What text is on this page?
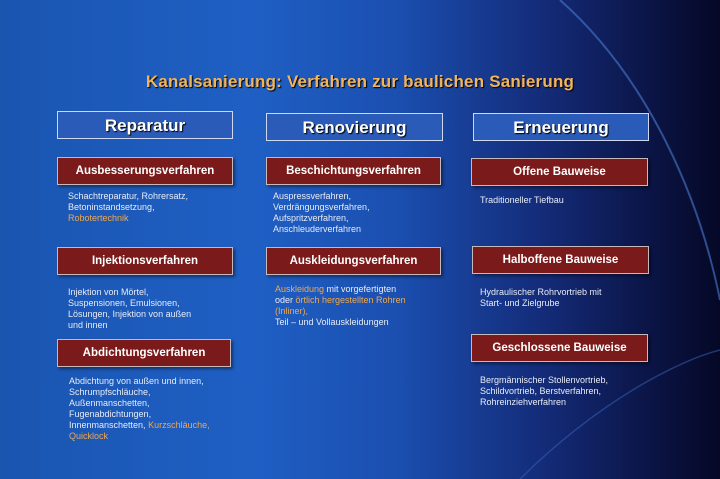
Kanalsanierung: Verfahren zur baulichen Sanierung
Reparatur	Renovierung	Erneuerung
Ausbesserungsverfahren
Schachtreparatur, Rohrersatz,
Betoninstandsetzung,
Robotertechnik
Injektionsverfahren
Injektion von Mörtel,
Suspensionen, Emulsionen,
Lösungen, Injektion von außen
und innen
Abdichtungsverfahren
Abdichtung von außen und innen,
Schrumpfschläuche,
Außenmanschetten,
Fugenabdichtungen,
Innenmanschetten, Kurzschläuche,
Quicklock
Beschichtungsverfahren
Auspressverfahren,
Verdrängungsverfahren,
Aufspritzverfahren,
Anschleuderverfahren
Auskleidungsverfahren
Auskleidung mit vorgefertigten
oder örtlich hergestellten Rohren
(Inliner),
Teil – und Vollauskleidungen
Offene Bauweise
Traditioneller Tiefbau
Halboffene Bauweise
Hydraulischer Rohrvortrieb mit
Start- und Zielgrube
Geschlossene Bauweise
Bergmännischer Stollenvortrieb,
Schildvortrieb, Berstverfahren,
Rohreinziehverfahren
